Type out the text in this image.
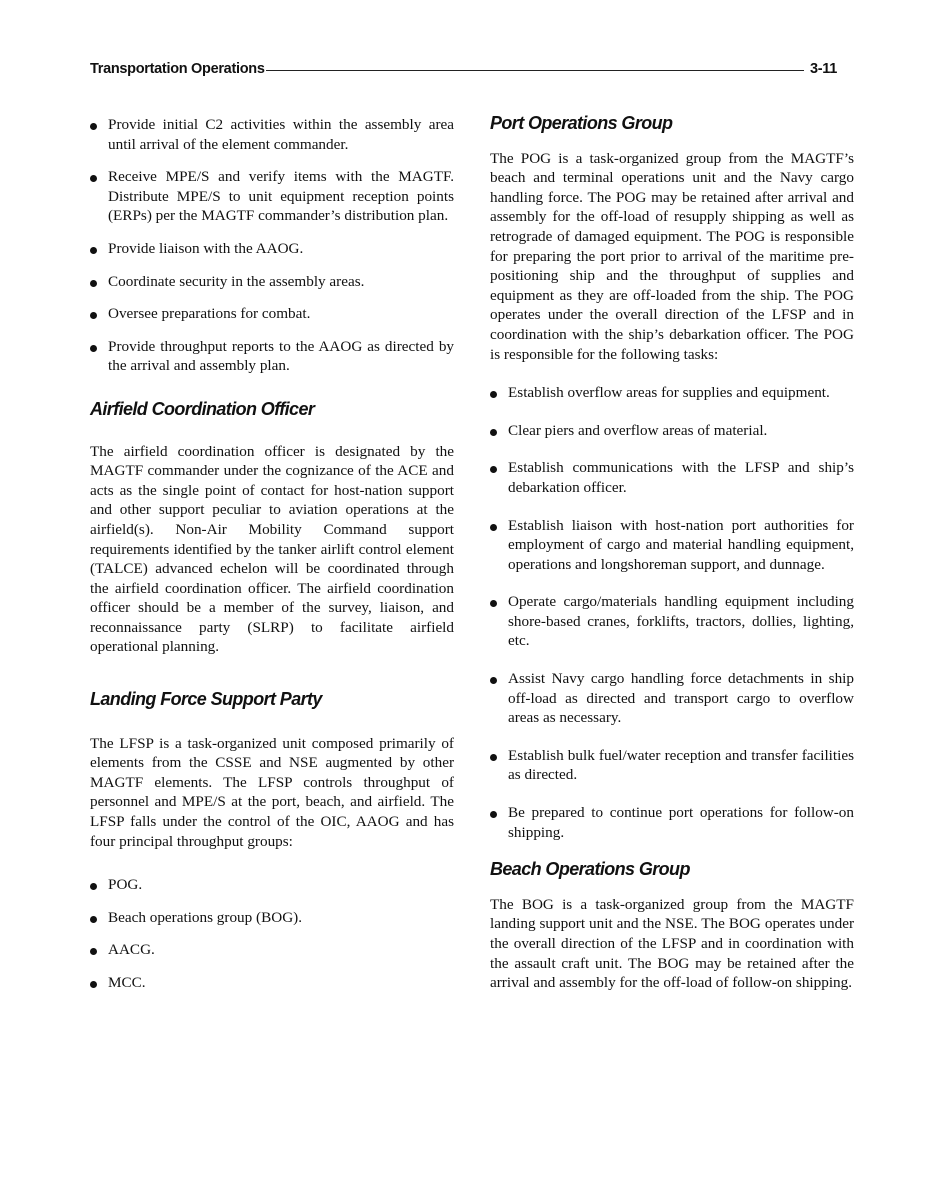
Transportation Operations	3-11
Provide initial C2 activities within the assembly area until arrival of the element commander.
Receive MPE/S and verify items with the MAGTF. Distribute MPE/S to unit equipment reception points (ERPs) per the MAGTF commander’s distribution plan.
Provide liaison with the AAOG.
Coordinate security in the assembly areas.
Oversee preparations for combat.
Provide throughput reports to the AAOG as directed by the arrival and assembly plan.
Airfield Coordination Officer

The airfield coordination officer is designated by the MAGTF commander under the cognizance of the ACE and acts as the single point of contact for host-nation support and other support peculiar to aviation operations at the airfield(s). Non-Air Mobility Command support requirements identified by the tanker airlift control element (TALCE) advanced echelon will be coordinated through the airfield coordination officer. The airfield coordination officer should be a member of the survey, liaison, and reconnaissance party (SLRP) to facilitate airfield operational planning.

Landing Force Support Party

The LFSP is a task-organized unit composed primarily of elements from the CSSE and NSE augmented by other MAGTF elements. The LFSP controls throughput of personnel and MPE/S at the port, beach, and airfield. The LFSP falls under the control of the OIC, AAOG and has four principal throughput groups:

POG.
Beach operations group (BOG).
AACG.
MCC.
Port Operations Group

The POG is a task-organized group from the MAGTF’s beach and terminal operations unit and the Navy cargo handling force. The POG may be retained after arrival and assembly for the off-load of resupply shipping as well as retrograde of damaged equipment. The POG is responsible for preparing the port prior to arrival of the maritime pre-positioning ship and the throughput of supplies and equipment as they are off-loaded from the ship. The POG operates under the overall direction of the LFSP and in coordination with the ship’s debarkation officer. The POG is responsible for the following tasks:

Establish overflow areas for supplies and equipment.
Clear piers and overflow areas of material.
Establish communications with the LFSP and ship’s debarkation officer.
Establish liaison with host-nation port authorities for employment of cargo and material handling equipment, operations and longshoreman support, and dunnage.
Operate cargo/materials handling equipment including shore-based cranes, forklifts, tractors, dollies, lighting, etc.
Assist Navy cargo handling force detachments in ship off-load as directed and transport cargo to overflow areas as necessary.
Establish bulk fuel/water reception and transfer facilities as directed.
Be prepared to continue port operations for follow-on shipping.
Beach Operations Group

The BOG is a task-organized group from the MAGTF landing support unit and the NSE. The BOG operates under the overall direction of the LFSP and in coordination with the assault craft unit. The BOG may be retained after the arrival and assembly for the off-load of follow-on shipping.
